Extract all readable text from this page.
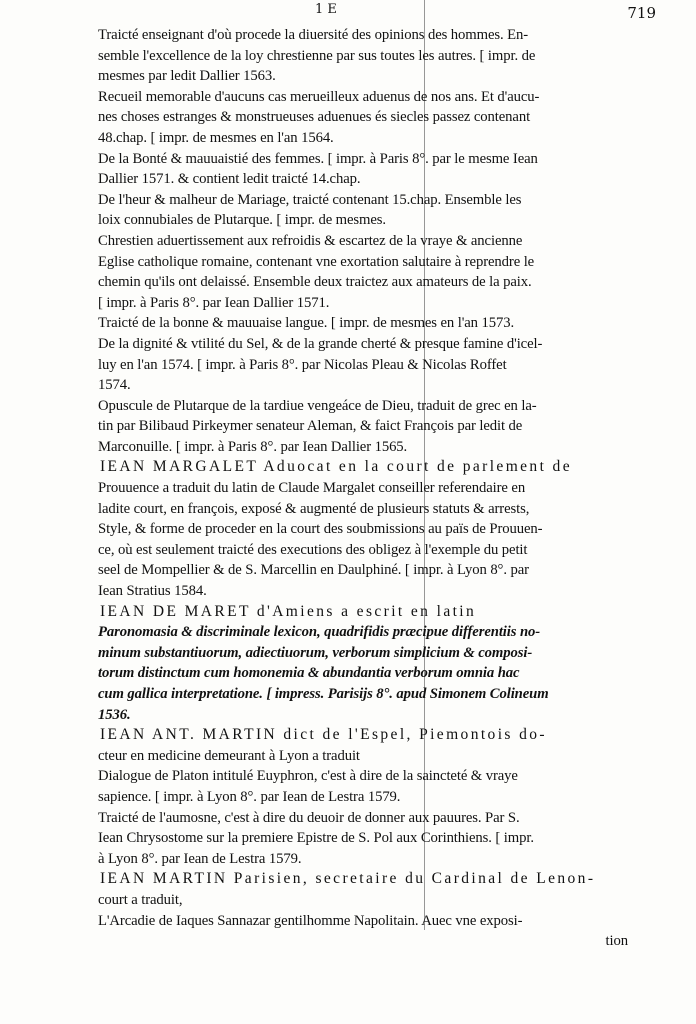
1 E	719
Traicté enseignant d'où procede la diuersité des opinions des hommes. En-
semble l'excellence de la loy chrestienne par sus toutes les autres. [ impr. de
mesmes par ledit Dallier 1563.
Recueil memorable d'aucuns cas merueilleux aduenus de nos ans. Et d'aucu-
nes choses estranges & monstrueuses aduenues és siecles passez contenant
48.chap. [ impr. de mesmes en l'an 1564.
De la Bonté & mauuaistié des femmes. [ impr. à Paris 8°. par le mesme Iean
Dallier 1571. & contient ledit traicté 14.chap.
De l'heur & malheur de Mariage, traicté contenant 15.chap. Ensemble les
loix connubiales de Plutarque. [ impr. de mesmes.
Chrestien aduertissement aux refroidis & escartez de la vraye & ancienne
Eglise catholique romaine, contenant vne exortation salutaire à reprendre le
chemin qu'ils ont delaissé. Ensemble deux traictez aux amateurs de la paix.
[ impr. à Paris 8°. par Iean Dallier 1571.
Traicté de la bonne & mauuaise langue. [ impr. de mesmes en l'an 1573.
De la dignité & vtilité du Sel, & de la grande cherté & presque famine d'icel-
luy en l'an 1574. [ impr. à Paris 8°. par Nicolas Pleau & Nicolas Roffet
1574.
Opuscule de Plutarque de la tardiue vengeáce de Dieu, traduit de grec en la-
tin par Bilibaud Pirkeymer senateur Aleman, & faict François par ledit de
Marconuille. [ impr. à Paris 8°. par Iean Dallier 1565.
IEAN MARGALET Aduocat en la court de parlement de
Prouuence a traduit du latin de Claude Margalet conseiller referendaire en
ladite court, en françois, exposé & augmenté de plusieurs statuts & arrests,
Style, & forme de proceder en la court des soubmissions au païs de Prouuen-
ce, où est seulement traicté des executions des obligez à l'exemple du petit
seel de Mompellier & de S. Marcellin en Daulphiné. [ impr. à Lyon 8°. par
Iean Stratius 1584.
IEAN DE MARET d'Amiens a escrit en latin
Paronomasia & discriminale lexicon, quadrifidis præcipue differentiis no-
minum substantiuorum, adiectiuorum, verborum simplicium & composi-
torum distinctum cum homonemia & abundantia verborum omnia hac
cum gallica interpretatione. [ impress. Parisijs 8°. apud Simonem Colineum
1536.
IEAN ANT. MARTIN dict de l'Espel, Piemontois do-
cteur en medicine demeurant à Lyon a traduit
Dialogue de Platon intitulé Euyphron, c'est à dire de la saincteté & vraye
sapience. [ impr. à Lyon 8°. par Iean de Lestra 1579.
Traicté de l'aumosne, c'est à dire du deuoir de donner aux pauures. Par S.
Iean Chrysostome sur la premiere Epistre de S. Pol aux Corinthiens. [ impr.
à Lyon 8°. par Iean de Lestra 1579.
IEAN MARTIN Parisien, secretaire du Cardinal de Lenon-
court a traduit,
L'Arcadie de Iaques Sannazar gentilhomme Napolitain. Auec vne exposi-
tion
